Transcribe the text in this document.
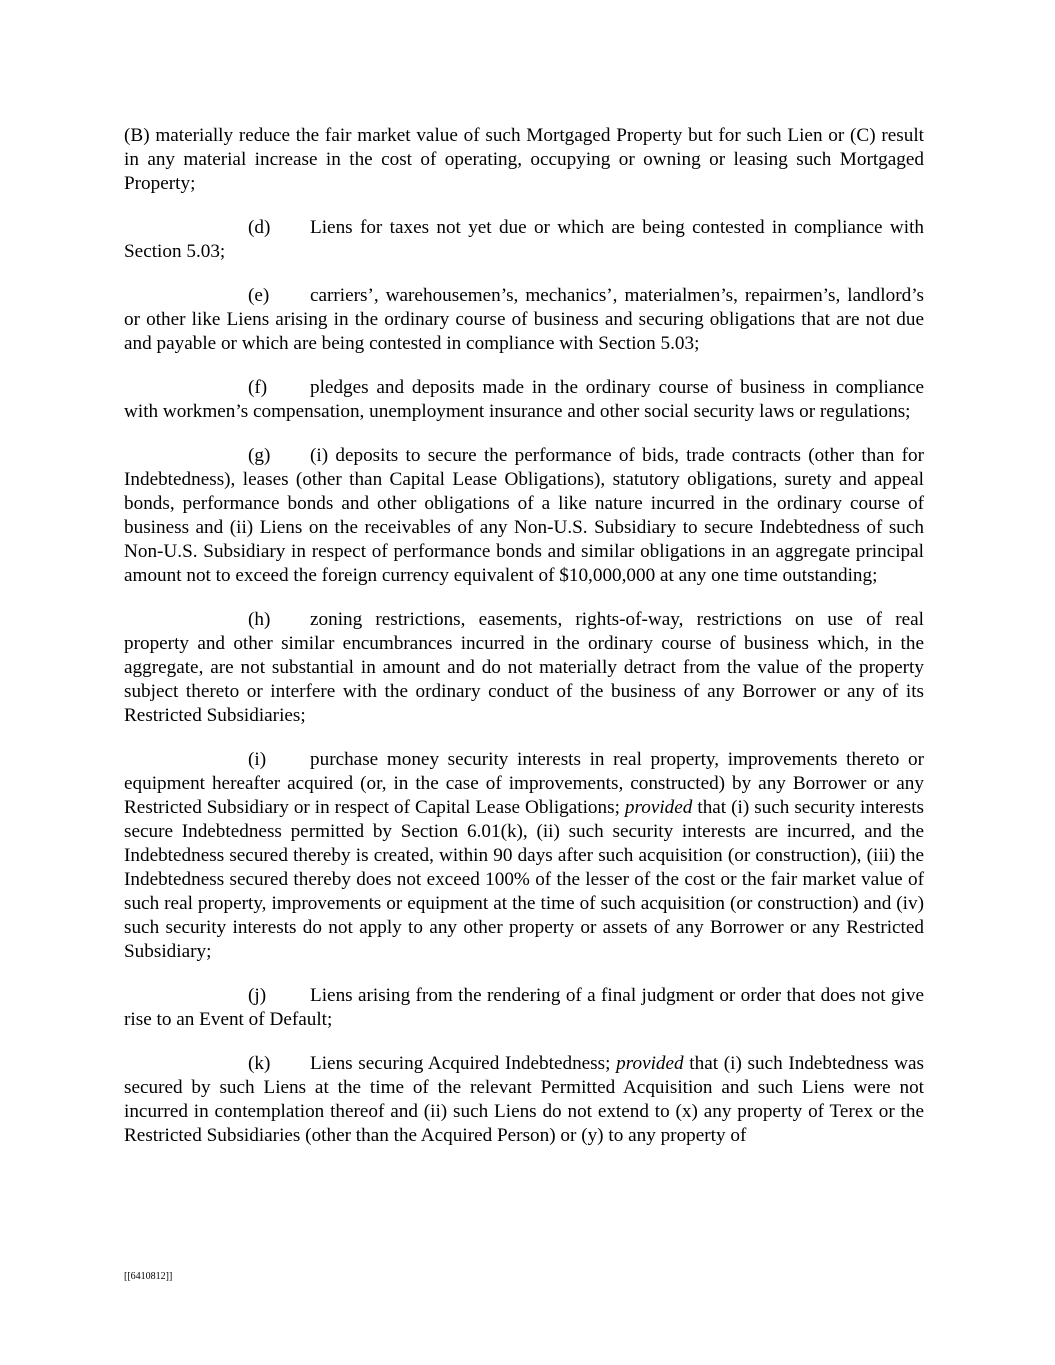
(B) materially reduce the fair market value of such Mortgaged Property but for such Lien or (C) result in any material increase in the cost of operating, occupying or owning or leasing such Mortgaged Property;

(d) Liens for taxes not yet due or which are being contested in compliance with Section 5.03;

(e) carriers’, warehousemen’s, mechanics’, materialmen’s, repairmen’s, landlord’s or other like Liens arising in the ordinary course of business and securing obligations that are not due and payable or which are being contested in compliance with Section 5.03;

(f) pledges and deposits made in the ordinary course of business in compliance with workmen’s compensation, unemployment insurance and other social security laws or regulations;

(g) (i) deposits to secure the performance of bids, trade contracts (other than for Indebtedness), leases (other than Capital Lease Obligations), statutory obligations, surety and appeal bonds, performance bonds and other obligations of a like nature incurred in the ordinary course of business and (ii) Liens on the receivables of any Non-U.S. Subsidiary to secure Indebtedness of such Non-U.S. Subsidiary in respect of performance bonds and similar obligations in an aggregate principal amount not to exceed the foreign currency equivalent of $10,000,000 at any one time outstanding;

(h) zoning restrictions, easements, rights-of-way, restrictions on use of real property and other similar encumbrances incurred in the ordinary course of business which, in the aggregate, are not substantial in amount and do not materially detract from the value of the property subject thereto or interfere with the ordinary conduct of the business of any Borrower or any of its Restricted Subsidiaries;

(i) purchase money security interests in real property, improvements thereto or equipment hereafter acquired (or, in the case of improvements, constructed) by any Borrower or any Restricted Subsidiary or in respect of Capital Lease Obligations; provided that (i) such security interests secure Indebtedness permitted by Section 6.01(k), (ii) such security interests are incurred, and the Indebtedness secured thereby is created, within 90 days after such acquisition (or construction), (iii) the Indebtedness secured thereby does not exceed 100% of the lesser of the cost or the fair market value of such real property, improvements or equipment at the time of such acquisition (or construction) and (iv) such security interests do not apply to any other property or assets of any Borrower or any Restricted Subsidiary;

(j) Liens arising from the rendering of a final judgment or order that does not give rise to an Event of Default;

(k) Liens securing Acquired Indebtedness; provided that (i) such Indebtedness was secured by such Liens at the time of the relevant Permitted Acquisition and such Liens were not incurred in contemplation thereof and (ii) such Liens do not extend to (x) any property of Terex or the Restricted Subsidiaries (other than the Acquired Person) or (y) to any property of

[[6410812]]
